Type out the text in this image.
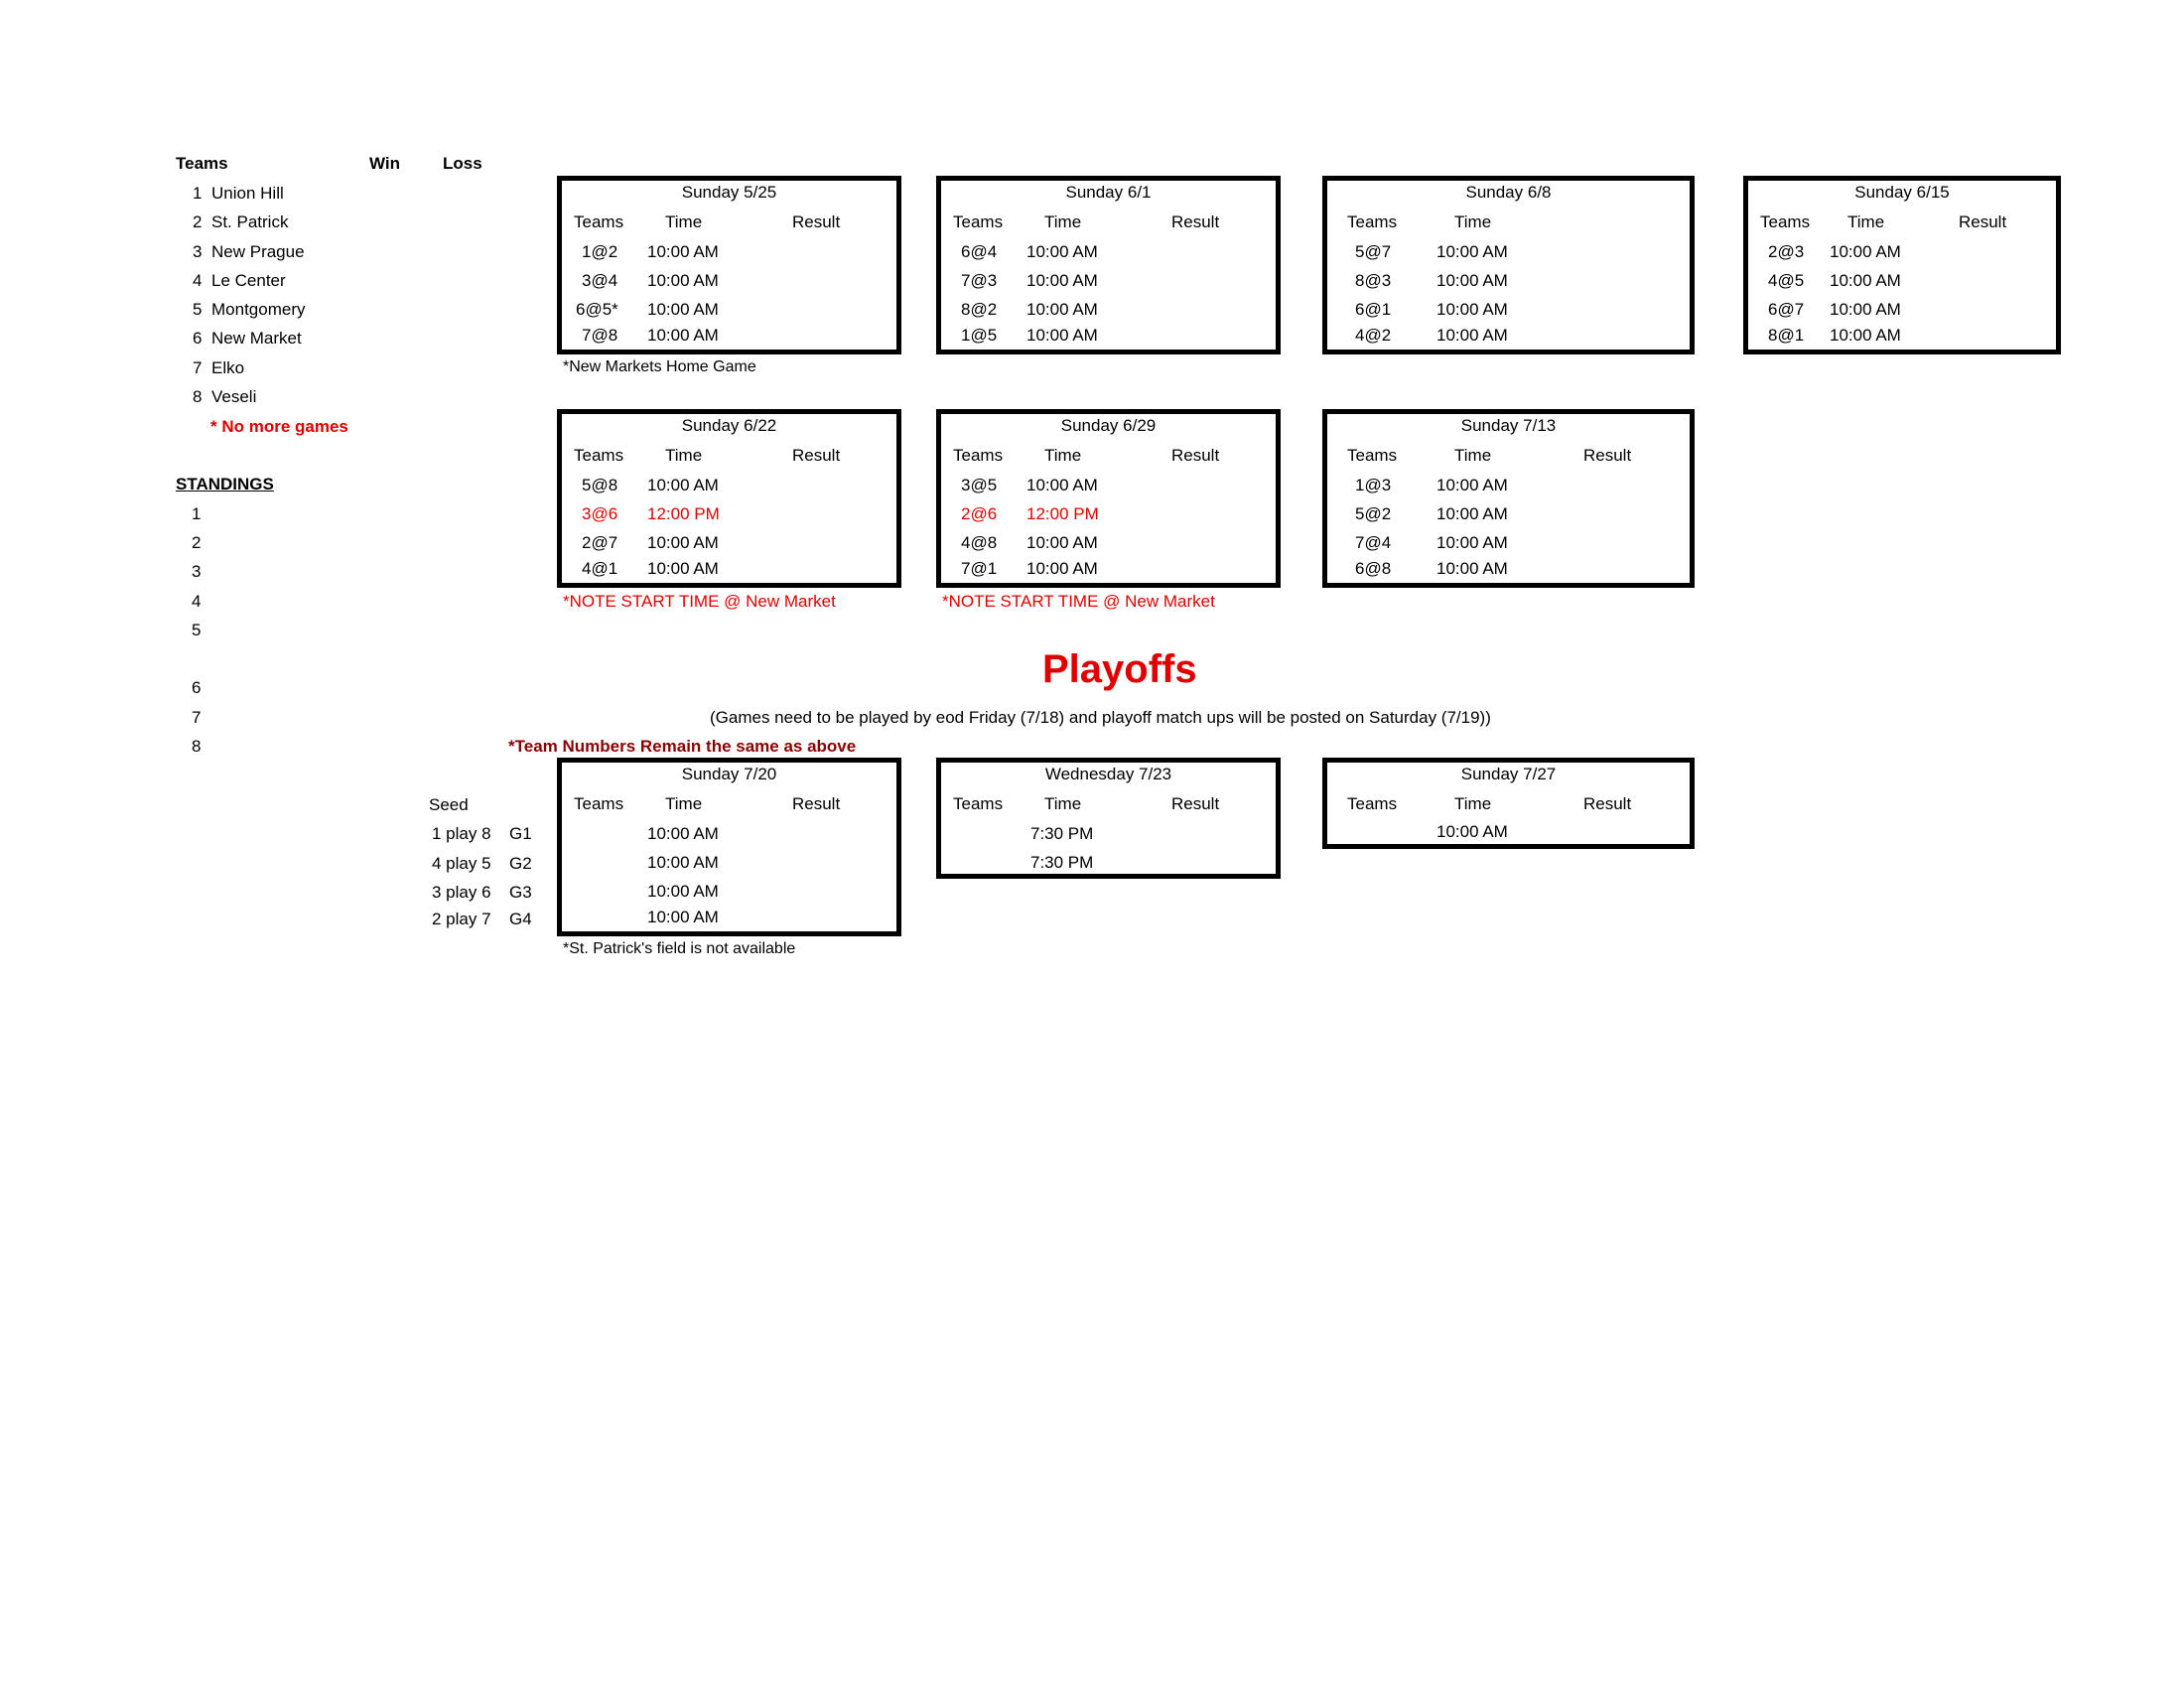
Teams	Win	Loss
1 Union Hill
2 St. Patrick
3 New Prague
4 Le Center
5 Montgomery
6 New Market
7 Elko
8 Veseli
* No more games
STANDINGS
1
2
3
4
5
6
7
8
Sunday 5/25
Teams Time	Result
1@2 10:00 AM
3@4 10:00 AM
6@5* 10:00 AM
7@8 10:00 AM
*New Markets Home Game
Sunday 6/1
Teams Time	Result
6@4 10:00 AM
7@3 10:00 AM
8@2 10:00 AM
1@5 10:00 AM
Sunday 6/8
Teams	Time
5@7	10:00 AM
8@3	10:00 AM
6@1	10:00 AM
4@2	10:00 AM
Sunday 6/15
Teams Time	Result
2@3 10:00 AM
4@5 10:00 AM
6@7 10:00 AM
8@1 10:00 AM
Sunday 6/22
Teams Time	Result
5@8 10:00 AM
3@6 12:00 PM
2@7 10:00 AM
4@1 10:00 AM
*NOTE START TIME @ New Market
Sunday 6/29
Teams Time	Result
3@5 10:00 AM
2@6 12:00 PM
4@8 10:00 AM
7@1 10:00 AM
*NOTE START TIME @ New Market
Sunday 7/13
Teams	Time	Result
1@3	10:00 AM
5@2	10:00 AM
7@4	10:00 AM
6@8	10:00 AM
Playoffs
(Games need to be played by eod Friday (7/18) and playoff match ups will be posted on Saturday (7/19))
*Team Numbers Remain the same as above
Seed
1 play 8 G1
4 play 5 G2
3 play 6 G3
2 play 7 G4
Sunday 7/20
Teams Time	Result
10:00 AM
10:00 AM
10:00 AM
10:00 AM
*St. Patrick's field is not available
Wednesday 7/23
Teams Time	Result
7:30 PM
7:30 PM
Sunday 7/27
Teams	Time	Result
10:00 AM
